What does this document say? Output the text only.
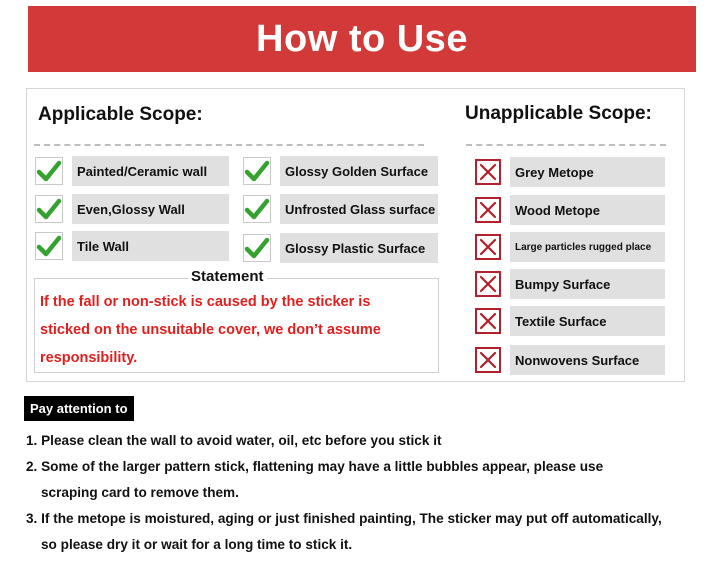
How to Use
Applicable Scope:	Unapplicable Scope:
Painted/Ceramic wall
Even,Glossy Wall
Tile Wall
Glossy Golden Surface
Unfrosted Glass surface
Glossy Plastic Surface
Grey Metope
Wood Metope
Large particles rugged place
Bumpy Surface
Textile Surface
Nonwovens Surface
Statement
If the fall or non-stick is caused by the sticker is
sticked on the unsuitable cover, we don’t assume
responsibility.
Pay attention to
1. Please clean the wall to avoid water, oil, etc before you stick it
2. Some of the larger pattern stick, flattening may have a little bubbles appear, please use
scraping card to remove them.
3. If the metope is moistured, aging or just finished painting, The sticker may put off automatically,
so please dry it or wait for a long time to stick it.
